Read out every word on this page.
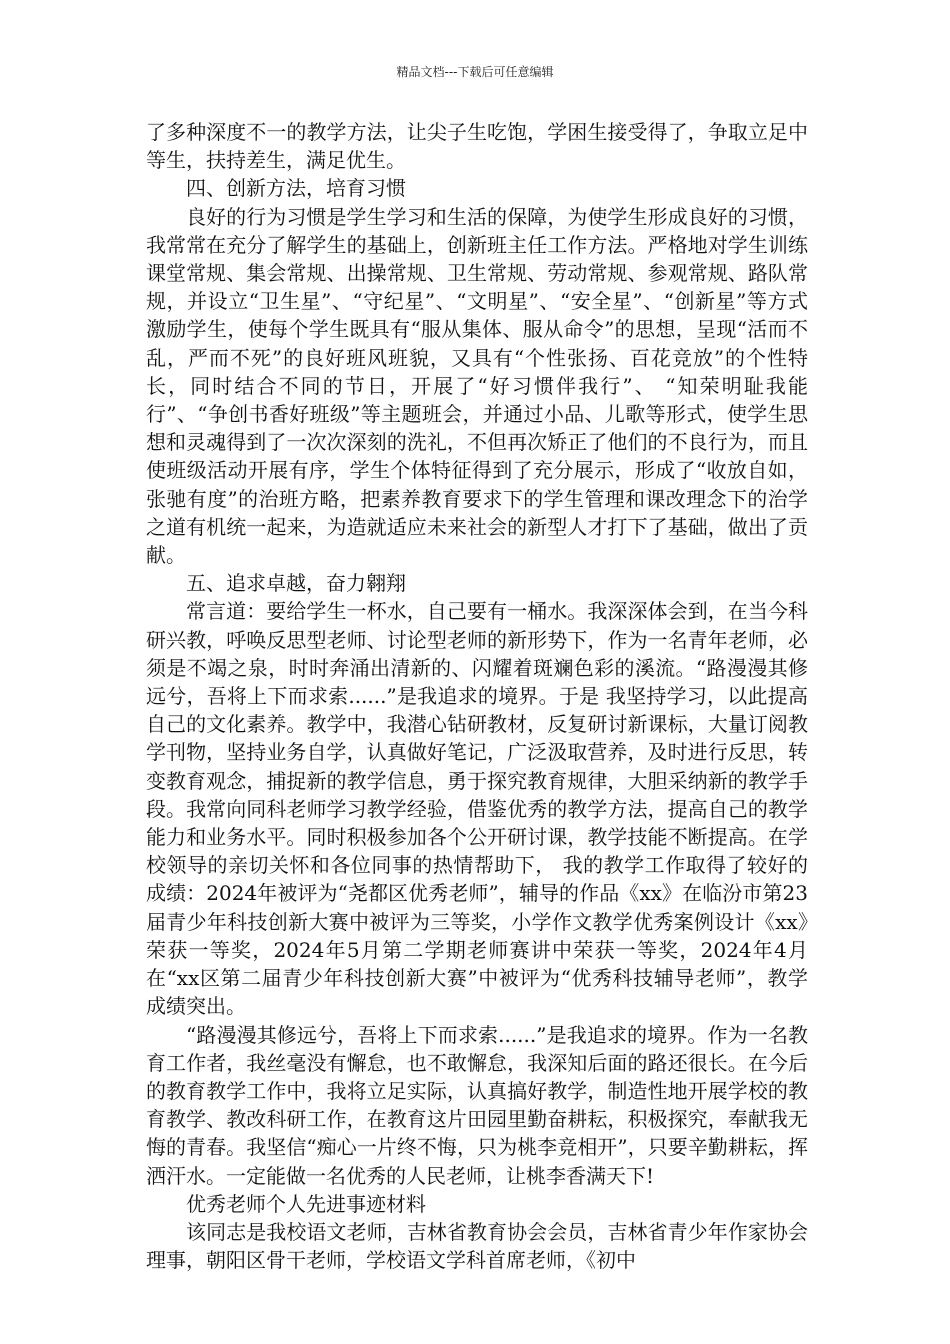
精品文档---下载后可任意编辑

了多种深度不一的教学方法，让尖子生吃饱，学困生接受得了，争取立足中等生，扶持差生，满足优生。

四、创新方法，培育习惯

良好的行为习惯是学生学习和生活的保障，为使学生形成良好的习惯，我常常在充分了解学生的基础上，创新班主任工作方法。严格地对学生训练课堂常规、集会常规、出操常规、卫生常规、劳动常规、参观常规、路队常规，并设立“卫生星”、“守纪星”、“文明星”、“安全星”、“创新星”等方式激励学生，使每个学生既具有“服从集体、服从命令”的思想，呈现“活而不乱，严而不死”的良好班风班貌，又具有“个性张扬、百花竞放”的个性特长，同时结合不同的节日，开展了“好习惯伴我行”、 “知荣明耻我能行”、“争创书香好班级”等主题班会，并通过小品、儿歌等形式，使学生思想和灵魂得到了一次次深刻的洗礼，不但再次矫正了他们的不良行为，而且使班级活动开展有序，学生个体特征得到了充分展示，形成了“收放自如，张驰有度”的治班方略，把素养教育要求下的学生管理和课改理念下的治学之道有机统一起来，为造就适应未来社会的新型人才打下了基础，做出了贡献。

五、追求卓越，奋力翱翔

常言道：要给学生一杯水，自己要有一桶水。我深深体会到，在当今科研兴教，呼唤反思型老师、讨论型老师的新形势下，作为一名青年老师，必须是不竭之泉，时时奔涌出清新的、闪耀着斑斓色彩的溪流。“路漫漫其修远兮，吾将上下而求索......”是我追求的境界。于是 我坚持学习，以此提高自己的文化素养。教学中，我潜心钻研教材，反复研讨新课标，大量订阅教学刊物，坚持业务自学，认真做好笔记，广泛汲取营养，及时进行反思，转变教育观念，捕捉新的教学信息，勇于探究教育规律，大胆采纳新的教学手段。我常向同科老师学习教学经验，借鉴优秀的教学方法，提高自己的教学能力和业务水平。同时积极参加各个公开研讨课，教学技能不断提高。在学校领导的亲切关怀和各位同事的热情帮助下， 我的教学工作取得了较好的成绩：2024年被评为“尧都区优秀老师”，辅导的作品《xx》在临汾市第23届青少年科技创新大赛中被评为三等奖，小学作文教学优秀案例设计《xx》荣获一等奖，2024年5月第二学期老师赛讲中荣获一等奖，2024年4月在“xx区第二届青少年科技创新大赛”中被评为“优秀科技辅导老师”，教学成绩突出。

“路漫漫其修远兮，吾将上下而求索......”是我追求的境界。作为一名教育工作者，我丝毫没有懈怠，也不敢懈怠，我深知后面的路还很长。在今后的教育教学工作中，我将立足实际，认真搞好教学，制造性地开展学校的教育教学、教改科研工作，在教育这片田园里勤奋耕耘，积极探究，奉献我无悔的青春。我坚信“痴心一片终不悔，只为桃李竞相开”，只要辛勤耕耘，挥洒汗水。一定能做一名优秀的人民老师，让桃李香满天下!

优秀老师个人先进事迹材料

该同志是我校语文老师，吉林省教育协会会员，吉林省青少年作家协会理事，朝阳区骨干老师，学校语文学科首席老师，《初中
